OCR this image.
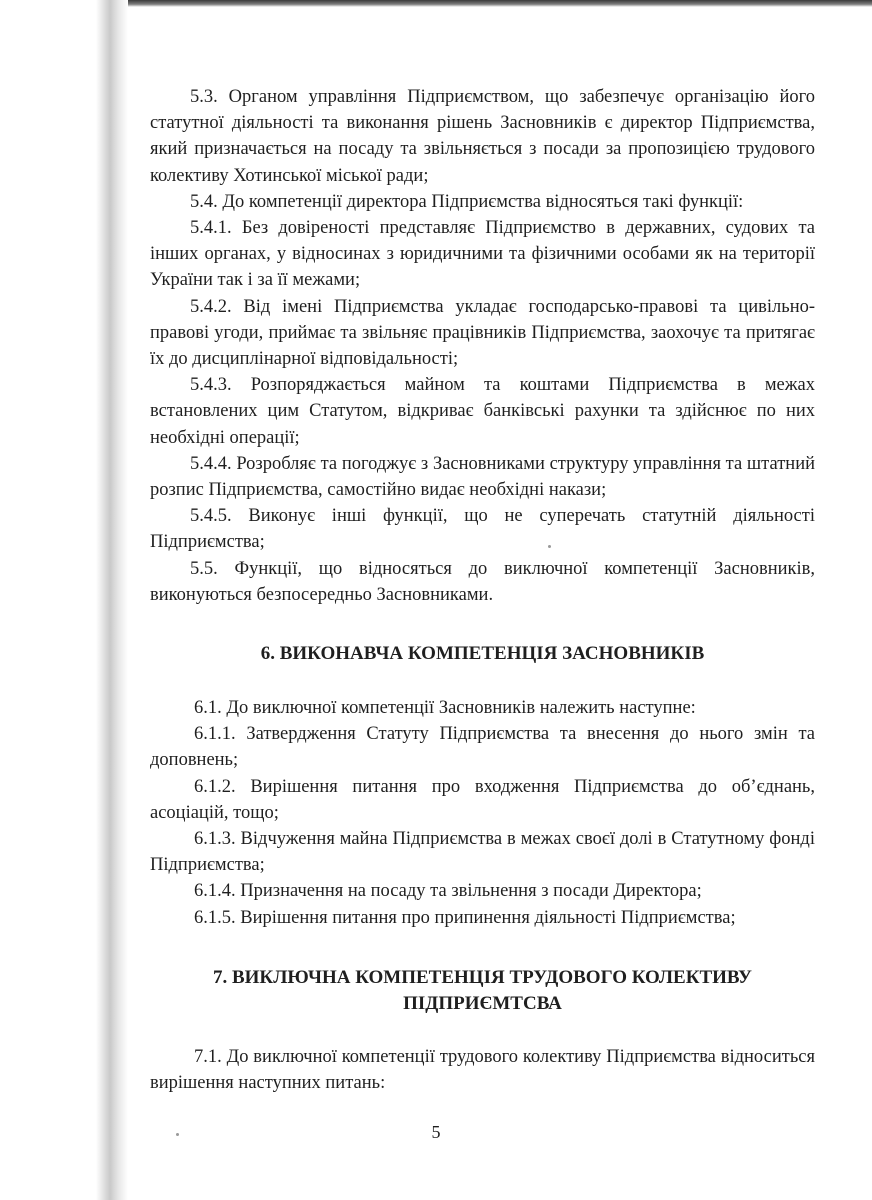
5.3. Органом управління Підприємством, що забезпечує організацію його статутної діяльності та виконання рішень Засновників є директор Підприємства, який призначається на посаду та звільняється з посади за пропозицією трудового колективу Хотинської міської ради;

5.4. До компетенції директора Підприємства відносяться такі функції:

5.4.1. Без довіреності представляє Підприємство в державних, судових та інших органах, у відносинах з юридичними та фізичними особами як на території України так і за її межами;

5.4.2. Від імені Підприємства укладає господарсько-правові та цивільно-правові угоди, приймає та звільняє працівників Підприємства, заохочує та притягає їх до дисциплінарної відповідальності;

5.4.3. Розпоряджається майном та коштами Підприємства в межах встановлених цим Статутом, відкриває банківські рахунки та здійснює по них необхідні операції;

5.4.4. Розробляє та погоджує з Засновниками структуру управління та штатний розпис Підприємства, самостійно видає необхідні накази;

5.4.5. Виконує інші функції, що не суперечать статутній діяльності Підприємства;

5.5. Функції, що відносяться до виключної компетенції Засновників, виконуються безпосередньо Засновниками.

6. ВИКОНАВЧА КОМПЕТЕНЦІЯ ЗАСНОВНИКІВ

6.1. До виключної компетенції Засновників належить наступне:

6.1.1. Затвердження Статуту Підприємства та внесення до нього змін та доповнень;

6.1.2. Вирішення питання про входження Підприємства до об’єднань, асоціацій, тощо;

6.1.3. Відчуження майна Підприємства в межах своєї долі в Статутному фонді Підприємства;

6.1.4. Призначення на посаду та звільнення з посади Директора;

6.1.5. Вирішення питання про припинення діяльності Підприємства;

7. ВИКЛЮЧНА КОМПЕТЕНЦІЯ ТРУДОВОГО КОЛЕКТИВУ
ПІДПРИЄМТСВА

7.1. До виключної компетенції трудового колективу Підприємства відноситься вирішення наступних питань:

5
